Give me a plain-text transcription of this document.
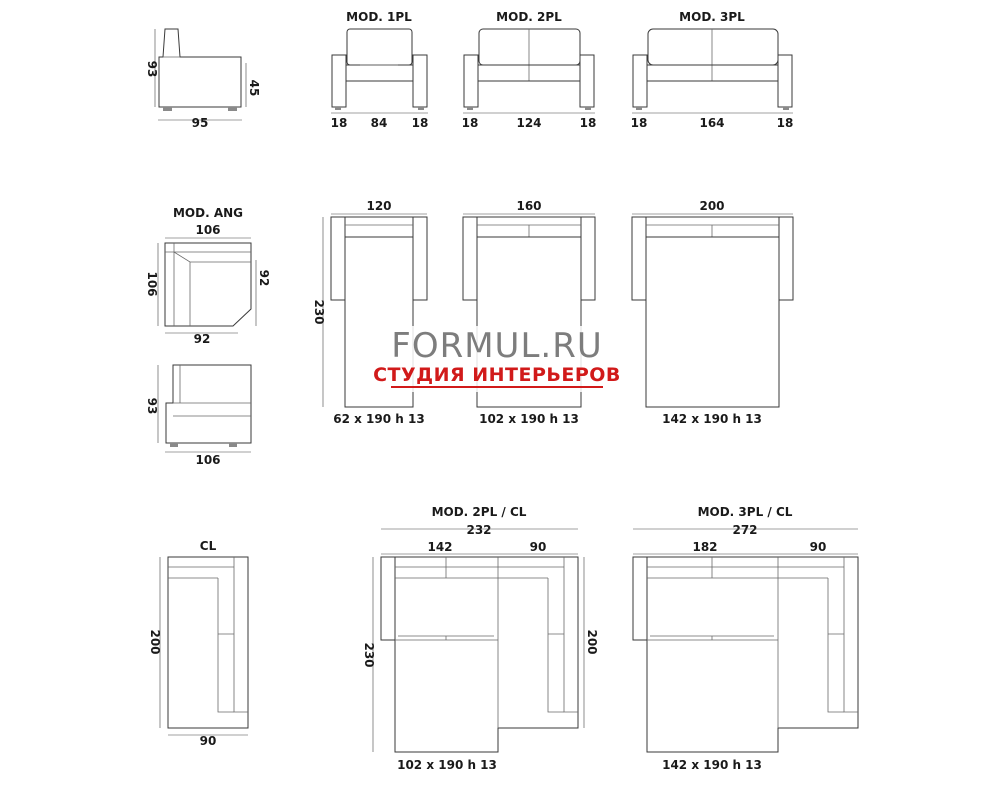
93
45
95
MOD. 1PL
18 84 18
MOD. 2PL
18	124	18
MOD. 3PL
18	164	18
MOD. ANG
106
106	92
92
93
106
120
230
62 x 190 h 13
160
102 x 190 h 13
200
142 x 190 h 13
FORMUL.RU
СТУДИЯ ИНТЕРЬЕРОВ
CL
200
90
MOD. 2PL / CL
232
142	90
230
200
102 x 190 h 13
MOD. 3PL / CL
272
182	90
142 x 190 h 13
